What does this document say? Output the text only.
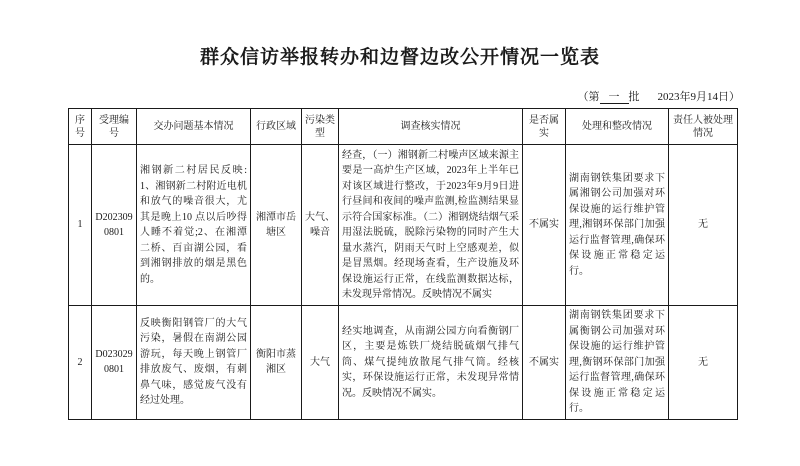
群众信访举报转办和边督边改公开情况一览表
（第 一 批 2023年9月14日）
序号	受理编号	交办问题基本情况	行政区域	污染类型	调查核实情况	是否属实	处理和整改情况	责任人被处理情况
1	D2023090801	湘钢新二村居民反映:1、湘钢新二村附近电机和放气的噪音很大，尤其是晚上10 点以后吵得人睡不着觉;2、在湘潭二桥、百亩湖公园，看到湘钢排放的烟是黑色的。	湘潭市岳塘区	大气、噪音	经查，（一）湘钢新二村噪声区域来源主要是一高炉生产区域，2023年上半年已对该区域进行整改，于2023年9月9日进行昼间和夜间的噪声监测,检监测结果显示符合国家标准。（二）湘钢烧结烟气采用湿法脱硫，脱除污染物的同时产生大量水蒸汽，阴雨天气时上空感观差，似是冒黑烟。经现场查看，生产设施及环保设施运行正常，在线监测数据达标，未发现异常情况。反映情况不属实	不属实	湖南钢铁集团要求下属湘钢公司加强对环保设施的运行维护管理,湘钢环保部门加强运行监督管理,确保环保设施正常稳定运行。	无
2	D0230290801	反映衡阳钢管厂的大气污染，暑假在南湖公园游玩，每天晚上钢管厂排放废气、废烟，有刺鼻气味，感觉废气没有经过处理。	衡阳市蒸湘区	大气	经实地调查，从南湖公园方向看衡钢厂区，主要是炼铁厂烧结脱硫烟气排气筒、煤气提纯放散尾气排气筒。经核实，环保设施运行正常，未发现异常情况。反映情况不属实。	不属实	湖南钢铁集团要求下属衡钢公司加强对环保设施的运行维护管理,衡钢环保部门加强运行监督管理,确保环保设施正常稳定运行。	无
